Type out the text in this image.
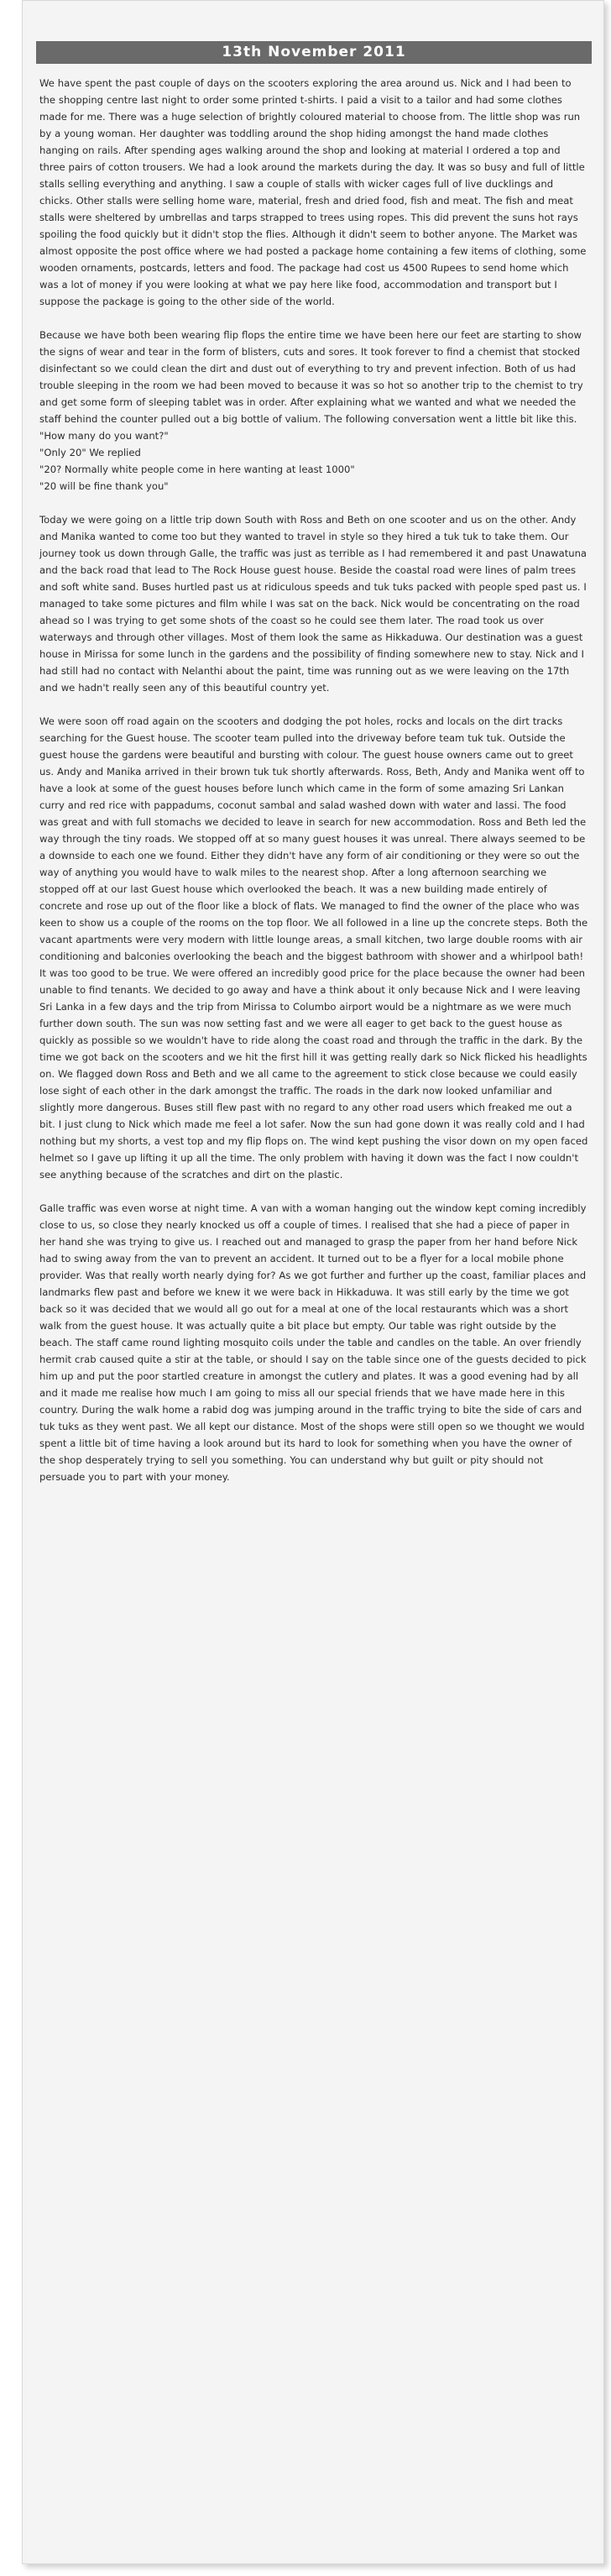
13th November 2011

We have spent the past couple of days on the scooters exploring the area around us. Nick and I had been to the shopping centre last night to order some printed t-shirts. I paid a visit to a tailor and had some clothes made for me. There was a huge selection of brightly coloured material to choose from. The little shop was run by a young woman. Her daughter was toddling around the shop hiding amongst the hand made clothes hanging on rails. After spending ages walking around the shop and looking at material I ordered a top and three pairs of cotton trousers. We had a look around the markets during the day. It was so busy and full of little stalls selling everything and anything. I saw a couple of stalls with wicker cages full of live ducklings and chicks. Other stalls were selling home ware, material, fresh and dried food, fish and meat. The fish and meat stalls were sheltered by umbrellas and tarps strapped to trees using ropes. This did prevent the suns hot rays spoiling the food quickly but it didn't stop the flies. Although it didn't seem to bother anyone. The Market was almost opposite the post office where we had posted a package home containing a few items of clothing, some wooden ornaments, postcards, letters and food. The package had cost us 4500 Rupees to send home which was a lot of money if you were looking at what we pay here like food, accommodation and transport but I suppose the package is going to the other side of the world.

Because we have both been wearing flip flops the entire time we have been here our feet are starting to show the signs of wear and tear in the form of blisters, cuts and sores. It took forever to find a chemist that stocked disinfectant so we could clean the dirt and dust out of everything to try and prevent infection. Both of us had trouble sleeping in the room we had been moved to because it was so hot so another trip to the chemist to try and get some form of sleeping tablet was in order. After explaining what we wanted and what we needed the staff behind the counter pulled out a big bottle of valium. The following conversation went a little bit like this.

"How many do you want?"
"Only 20" We replied
"20? Normally white people come in here wanting at least 1000"
"20 will be fine thank you"

Today we were going on a little trip down South with Ross and Beth on one scooter and us on the other. Andy and Manika wanted to come too but they wanted to travel in style so they hired a tuk tuk to take them. Our journey took us down through Galle, the traffic was just as terrible as I had remembered it and past Unawatuna and the back road that lead to The Rock House guest house. Beside the coastal road were lines of palm trees and soft white sand. Buses hurtled past us at ridiculous speeds and tuk tuks packed with people sped past us. I managed to take some pictures and film while I was sat on the back. Nick would be concentrating on the road ahead so I was trying to get some shots of the coast so he could see them later. The road took us over waterways and through other villages. Most of them look the same as Hikkaduwa. Our destination was a guest house in Mirissa for some lunch in the gardens and the possibility of finding somewhere new to stay. Nick and I had still had no contact with Nelanthi about the paint, time was running out as we were leaving on the 17th and we hadn't really seen any of this beautiful country yet.

We were soon off road again on the scooters and dodging the pot holes, rocks and locals on the dirt tracks searching for the Guest house. The scooter team pulled into the driveway before team tuk tuk. Outside the guest house the gardens were beautiful and bursting with colour. The guest house owners came out to greet us. Andy and Manika arrived in their brown tuk tuk shortly afterwards. Ross, Beth, Andy and Manika went off to have a look at some of the guest houses before lunch which came in the form of some amazing Sri Lankan curry and red rice with pappadums, coconut sambal and salad washed down with water and lassi. The food was great and with full stomachs we decided to leave in search for new accommodation. Ross and Beth led the way through the tiny roads. We stopped off at so many guest houses it was unreal. There always seemed to be a downside to each one we found. Either they didn't have any form of air conditioning or they were so out the way of anything you would have to walk miles to the nearest shop. After a long afternoon searching we stopped off at our last Guest house which overlooked the beach. It was a new building made entirely of concrete and rose up out of the floor like a block of flats. We managed to find the owner of the place who was keen to show us a couple of the rooms on the top floor. We all followed in a line up the concrete steps. Both the vacant apartments were very modern with little lounge areas, a small kitchen, two large double rooms with air conditioning and balconies overlooking the beach and the biggest bathroom with shower and a whirlpool bath! It was too good to be true. We were offered an incredibly good price for the place because the owner had been unable to find tenants. We decided to go away and have a think about it only because Nick and I were leaving Sri Lanka in a few days and the trip from Mirissa to Columbo airport would be a nightmare as we were much further down south. The sun was now setting fast and we were all eager to get back to the guest house as quickly as possible so we wouldn't have to ride along the coast road and through the traffic in the dark. By the time we got back on the scooters and we hit the first hill it was getting really dark so Nick flicked his headlights on. We flagged down Ross and Beth and we all came to the agreement to stick close because we could easily lose sight of each other in the dark amongst the traffic. The roads in the dark now looked unfamiliar and slightly more dangerous. Buses still flew past with no regard to any other road users which freaked me out a bit. I just clung to Nick which made me feel a lot safer. Now the sun had gone down it was really cold and I had nothing but my shorts, a vest top and my flip flops on. The wind kept pushing the visor down on my open faced helmet so I gave up lifting it up all the time. The only problem with having it down was the fact I now couldn't see anything because of the scratches and dirt on the plastic.

Galle traffic was even worse at night time. A van with a woman hanging out the window kept coming incredibly close to us, so close they nearly knocked us off a couple of times. I realised that she had a piece of paper in her hand she was trying to give us. I reached out and managed to grasp the paper from her hand before Nick had to swing away from the van to prevent an accident. It turned out to be a flyer for a local mobile phone provider. Was that really worth nearly dying for? As we got further and further up the coast, familiar places and landmarks flew past and before we knew it we were back in Hikkaduwa. It was still early by the time we got back so it was decided that we would all go out for a meal at one of the local restaurants which was a short walk from the guest house. It was actually quite a bit place but empty. Our table was right outside by the beach. The staff came round lighting mosquito coils under the table and candles on the table. An over friendly hermit crab caused quite a stir at the table, or should I say on the table since one of the guests decided to pick him up and put the poor startled creature in amongst the cutlery and plates. It was a good evening had by all and it made me realise how much I am going to miss all our special friends that we have made here in this country. During the walk home a rabid dog was jumping around in the traffic trying to bite the side of cars and tuk tuks as they went past. We all kept our distance. Most of the shops were still open so we thought we would spent a little bit of time having a look around but its hard to look for something when you have the owner of the shop desperately trying to sell you something. You can understand why but guilt or pity should not persuade you to part with your money.
